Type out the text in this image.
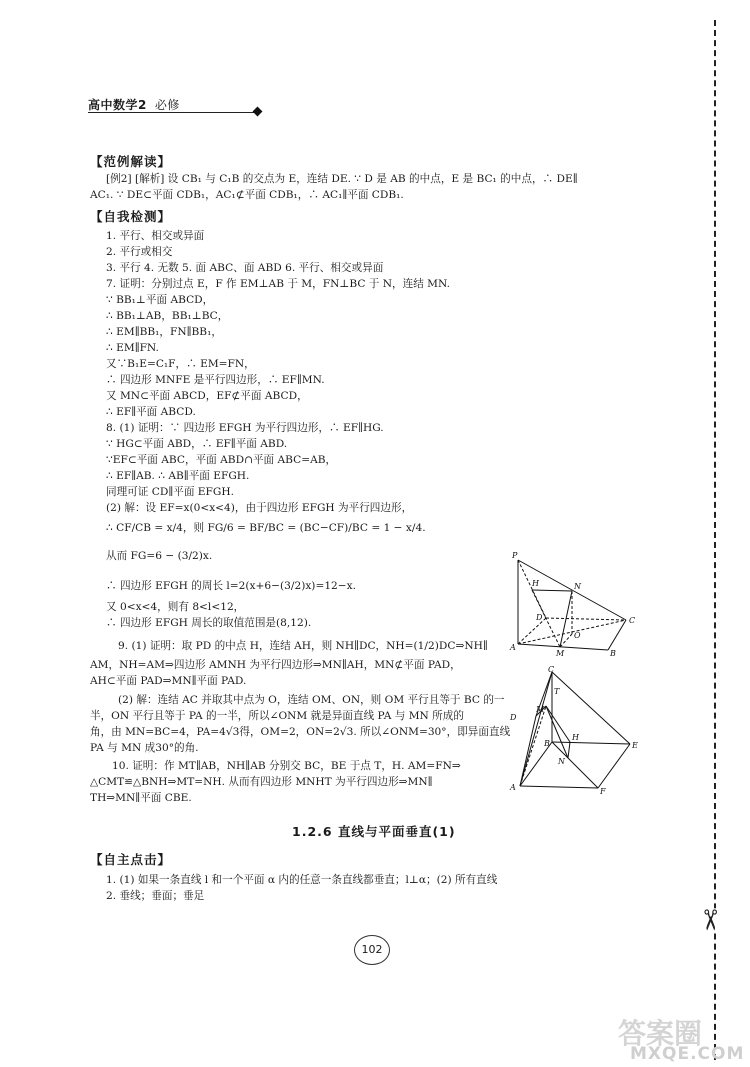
高中数学2 必修
【范例解读】
[例2] [解析] 设 CB₁ 与 C₁B 的交点为 E，连结 DE. ∵ D 是 AB 的中点，E 是 BC₁ 的中点，∴ DE∥
AC₁. ∵ DE⊂平面 CDB₁，AC₁⊄平面 CDB₁，∴ AC₁∥平面 CDB₁.
【自我检测】
1. 平行、相交或异面
2. 平行或相交
3. 平行 4. 无数 5. 面 ABC、面 ABD 6. 平行、相交或异面
7. 证明：分别过点 E，F 作 EM⊥AB 于 M，FN⊥BC 于 N，连结 MN.
∵ BB₁⊥平面 ABCD，
∴ BB₁⊥AB，BB₁⊥BC，
∴ EM∥BB₁，FN∥BB₁，
∴ EM∥FN.
又∵B₁E=C₁F，∴ EM=FN，
∴ 四边形 MNFE 是平行四边形，∴ EF∥MN.
又 MN⊂平面 ABCD，EF⊄平面 ABCD，
∴ EF∥平面 ABCD.
8. (1) 证明：∵ 四边形 EFGH 为平行四边形，∴ EF∥HG.
∵ HG⊂平面 ABD，∴ EF∥平面 ABD.
∵EF⊂平面 ABC，平面 ABD∩平面 ABC=AB，
∴ EF∥AB. ∴ AB∥平面 EFGH.
同理可证 CD∥平面 EFGH.
(2) 解：设 EF=x(0<x<4)，由于四边形 EFGH 为平行四边形，
∴ CF/CB = x/4，则 FG/6 = BF/BC = (BC−CF)/BC = 1 − x/4.
从而 FG=6 − (3/2)x.
∴ 四边形 EFGH 的周长 l=2(x+6−(3/2)x)=12−x.
又 0<x<4，则有 8<l<12，
∴ 四边形 EFGH 周长的取值范围是(8,12).
9. (1) 证明：取 PD 的中点 H，连结 AH，则 NH∥DC，NH=(1/2)DC⇒NH∥
AM，NH=AM⇒四边形 AMNH 为平行四边形⇒MN∥AH，MN⊄平面 PAD，
AH⊂平面 PAD⇒MN∥平面 PAD.
(2) 解：连结 AC 并取其中点为 O，连结 OM、ON，则 OM 平行且等于 BC 的一
半，ON 平行且等于 PA 的一半，所以∠ONM 就是异面直线 PA 与 MN 所成的
角，由 MN=BC=4，PA=4√3得，OM=2，ON=2√3. 所以∠ONM=30°，即异面直线
PA 与 MN 成30°的角.
10. 证明：作 MT∥AB，NH∥AB 分别交 BC，BE 于点 T，H. AM=FN⇒
△CMT≌△BNH⇒MT=NH. 从而有四边形 MNHT 为平行四边形⇒MN∥
TH⇒MN∥平面 CBE.
P
H
D
N
O
A
M	B
C
C
T
D
M
B
H
E
N
A	F
1.2.6 直线与平面垂直(1)
【自主点击】
1. (1) 如果一条直线 l 和一个平面 α 内的任意一条直线都垂直；l⊥α；(2) 所有直线
2. 垂线；垂面；垂足
102
✂
答案圈
MXQE.COM
